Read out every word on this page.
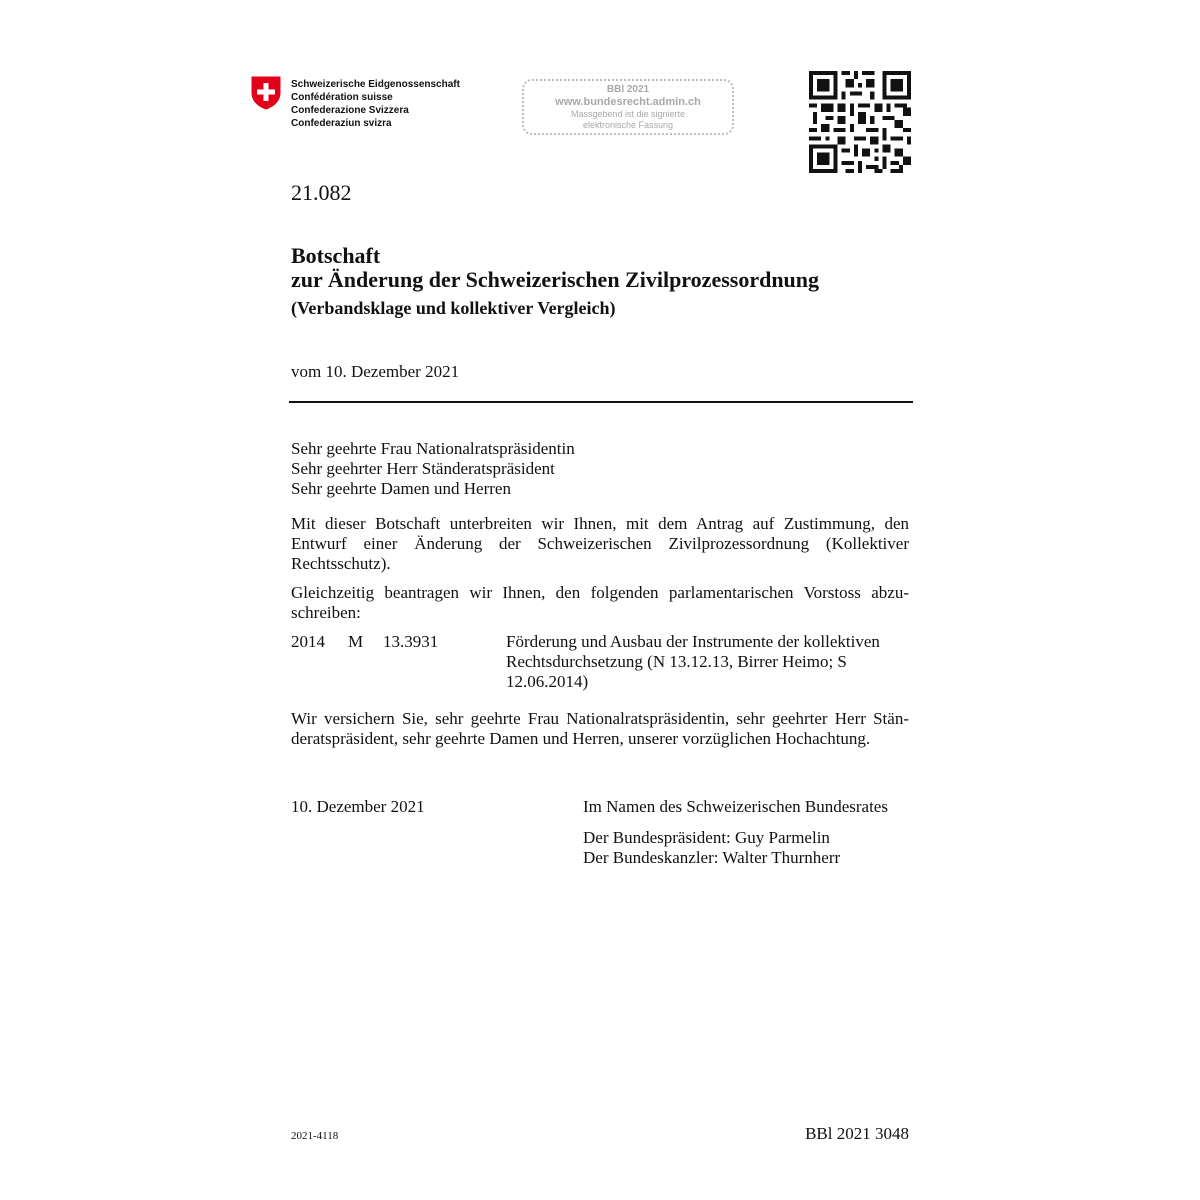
Schweizerische Eidgenossenschaft
Confédération suisse
Confederazione Svizzera
Confederaziun svizra
BBl 2021
www.bundesrecht.admin.ch
Massgebend ist die signierte
elektronische Fassung
21.082
Botschaft
zur Änderung der Schweizerischen Zivilprozessordnung
(Verbandsklage und kollektiver Vergleich)
vom 10. Dezember 2021
Sehr geehrte Frau Nationalratspräsidentin
Sehr geehrter Herr Ständeratspräsident
Sehr geehrte Damen und Herren
Mit dieser Botschaft unterbreiten wir Ihnen, mit dem Antrag auf Zustimmung, den Entwurf einer Änderung der Schweizerischen Zivilprozessordnung (Kollektiver Rechtsschutz).
Gleichzeitig beantragen wir Ihnen, den folgenden parlamentarischen Vorstoss abzuschreiben:
2014 M 13.3931	Förderung und Ausbau der Instrumente der kollektiven Rechtsdurchsetzung (N 13.12.13, Birrer Heimo; S 12.06.2014)
Wir versichern Sie, sehr geehrte Frau Nationalratspräsidentin, sehr geehrter Herr Ständeratspräsident, sehr geehrte Damen und Herren, unserer vorzüglichen Hochachtung.
10. Dezember 2021	Im Namen des Schweizerischen Bundesrates
Der Bundespräsident: Guy Parmelin
Der Bundeskanzler: Walter Thurnherr
2021-4118	BBl 2021 3048
